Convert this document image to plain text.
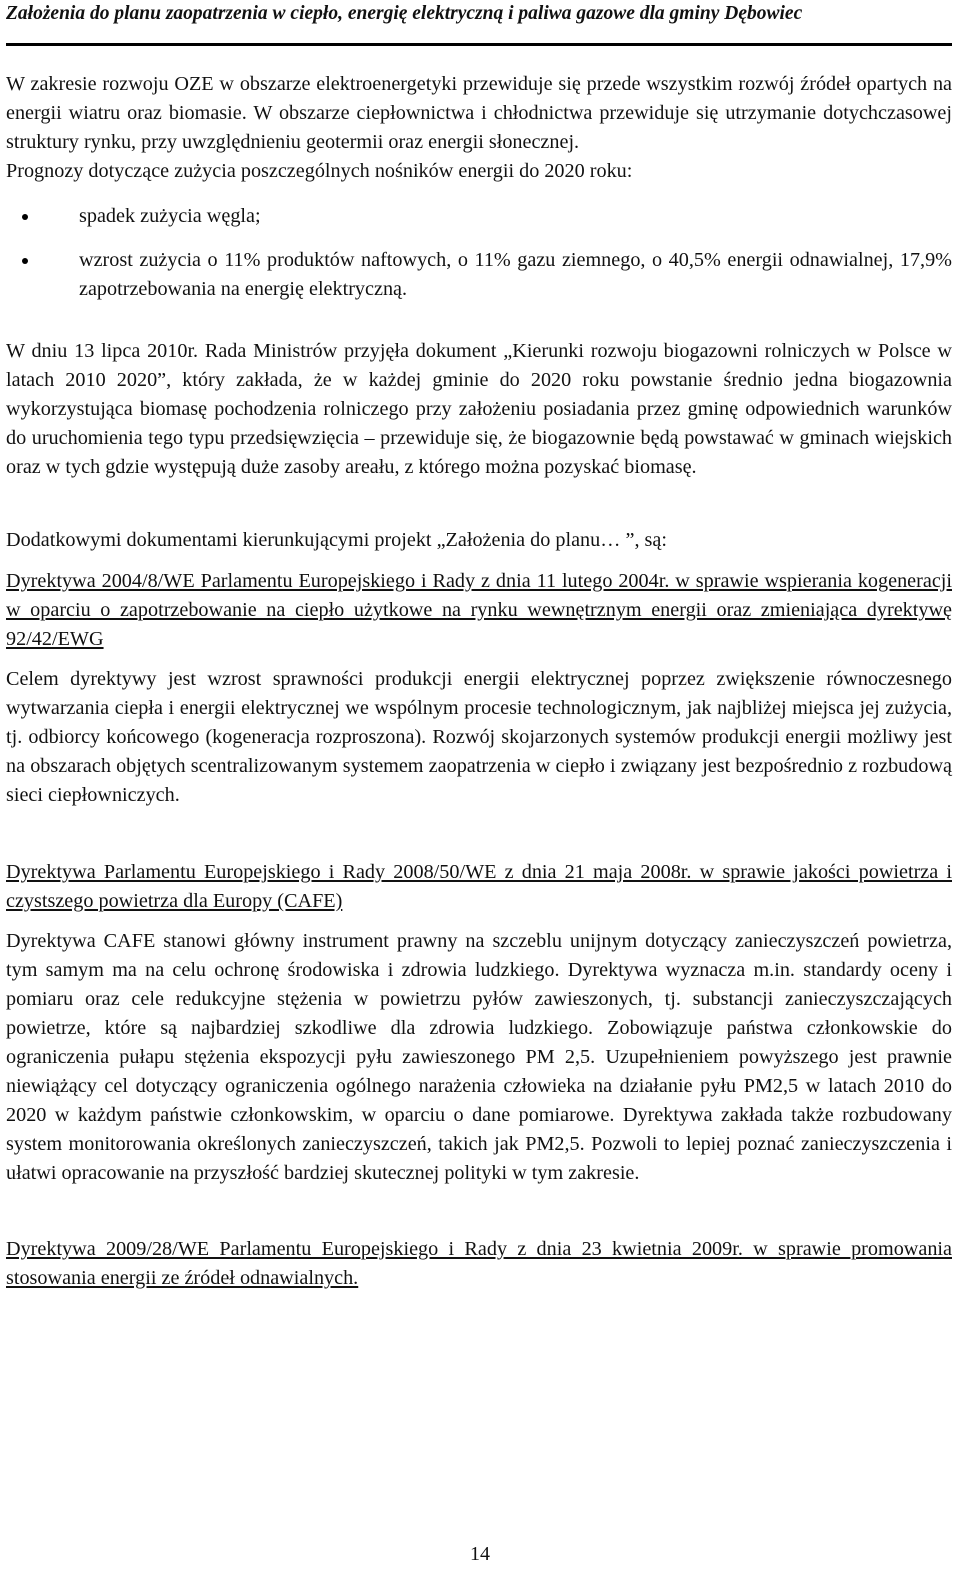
Założenia do planu zaopatrzenia w ciepło, energię elektryczną i paliwa gazowe dla gminy Dębowiec

W zakresie rozwoju OZE w obszarze elektroenergetyki przewiduje się przede wszystkim rozwój źródeł opartych na energii wiatru oraz biomasie. W obszarze ciepłownictwa i chłodnictwa przewiduje się utrzymanie dotychczasowej struktury rynku, przy uwzględnieniu geotermii oraz energii słonecznej.

Prognozy dotyczące zużycia poszczególnych nośników energii do 2020 roku:

spadek zużycia węgla;
wzrost zużycia o 11% produktów naftowych, o 11% gazu ziemnego, o 40,5% energii odnawialnej, 17,9% zapotrzebowania na energię elektryczną.

W dniu 13 lipca 2010r. Rada Ministrów przyjęła dokument „Kierunki rozwoju biogazowni rolniczych w Polsce w latach 2010 2020”, który zakłada, że w każdej gminie do 2020 roku powstanie średnio jedna biogazownia wykorzystująca biomasę pochodzenia rolniczego przy założeniu posiadania przez gminę odpowiednich warunków do uruchomienia tego typu przedsięwzięcia – przewiduje się, że biogazownie będą powstawać w gminach wiejskich oraz w tych gdzie występują duże zasoby areału, z którego można pozyskać biomasę.

Dodatkowymi dokumentami kierunkującymi projekt „Założenia do planu… ”, są:

Dyrektywa 2004/8/WE Parlamentu Europejskiego i Rady z dnia 11 lutego 2004r. w sprawie wspierania kogeneracji w oparciu o zapotrzebowanie na ciepło użytkowe na rynku wewnętrznym energii oraz zmieniająca dyrektywę 92/42/EWG

Celem dyrektywy jest wzrost sprawności produkcji energii elektrycznej poprzez zwiększenie równoczesnego wytwarzania ciepła i energii elektrycznej we wspólnym procesie technologicznym, jak najbliżej miejsca jej zużycia, tj. odbiorcy końcowego (kogeneracja rozproszona). Rozwój skojarzonych systemów produkcji energii możliwy jest na obszarach objętych scentralizowanym systemem zaopatrzenia w ciepło i związany jest bezpośrednio z rozbudową sieci ciepłowniczych.

Dyrektywa Parlamentu Europejskiego i Rady 2008/50/WE z dnia 21 maja 2008r. w sprawie jakości powietrza i czystszego powietrza dla Europy (CAFE)

Dyrektywa CAFE stanowi główny instrument prawny na szczeblu unijnym dotyczący zanieczyszczeń powietrza, tym samym ma na celu ochronę środowiska i zdrowia ludzkiego. Dyrektywa wyznacza m.in. standardy oceny i pomiaru oraz cele redukcyjne stężenia w powietrzu pyłów zawieszonych, tj. substancji zanieczyszczających powietrze, które są najbardziej szkodliwe dla zdrowia ludzkiego. Zobowiązuje państwa członkowskie do ograniczenia pułapu stężenia ekspozycji pyłu zawieszonego PM 2,5. Uzupełnieniem powyższego jest prawnie niewiążący cel dotyczący ograniczenia ogólnego narażenia człowieka na działanie pyłu PM2,5 w latach 2010 do 2020 w każdym państwie członkowskim, w oparciu o dane pomiarowe. Dyrektywa zakłada także rozbudowany system monitorowania określonych zanieczyszczeń, takich jak PM2,5. Pozwoli to lepiej poznać zanieczyszczenia i ułatwi opracowanie na przyszłość bardziej skutecznej polityki w tym zakresie.

Dyrektywa 2009/28/WE Parlamentu Europejskiego i Rady z dnia 23 kwietnia 2009r. w sprawie promowania stosowania energii ze źródeł odnawialnych.

14
